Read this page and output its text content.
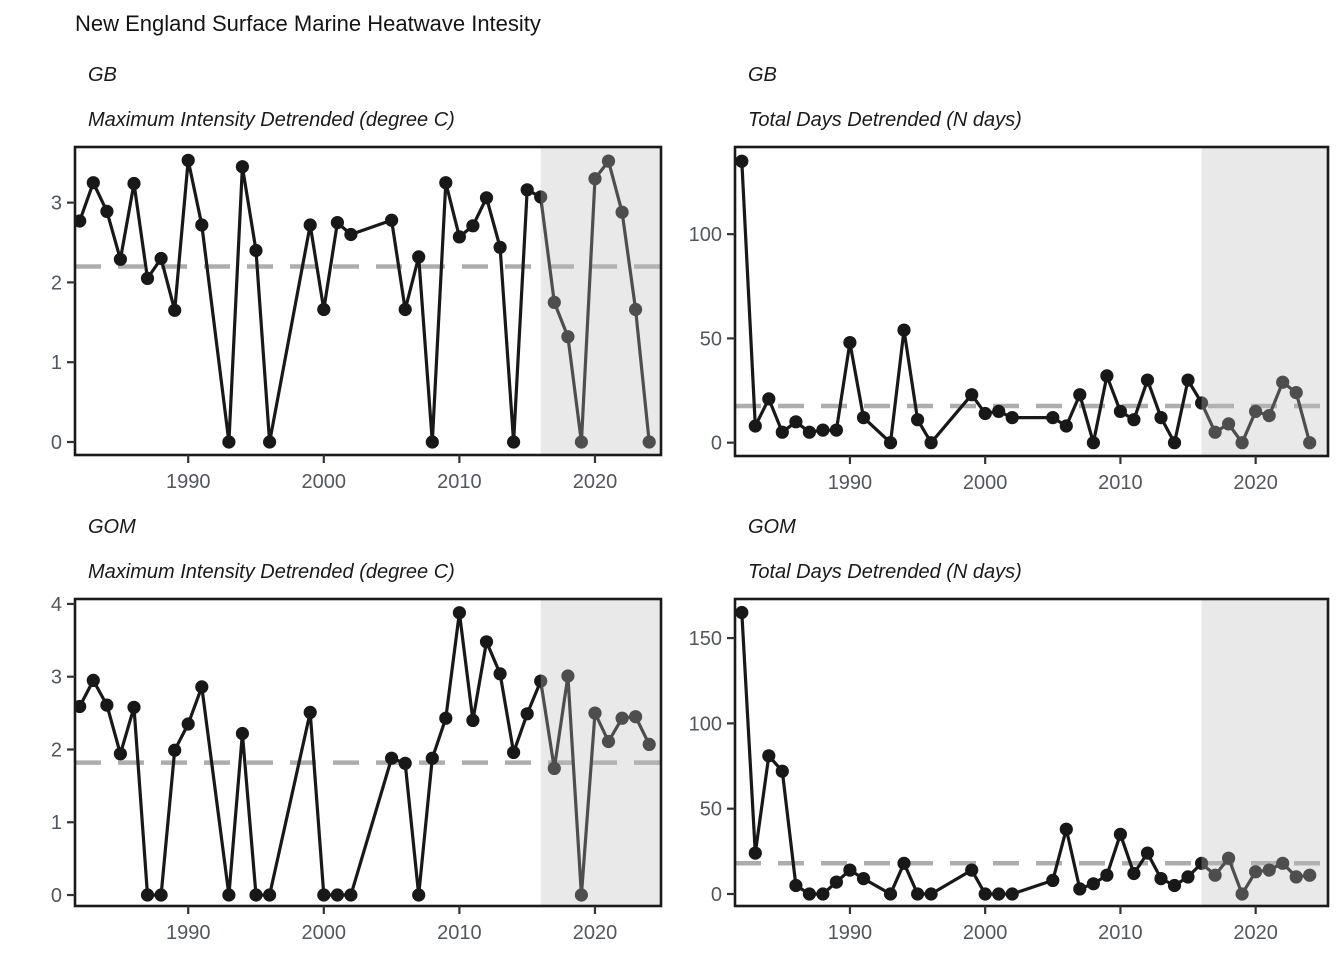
New England Surface Marine Heatwave Intesity
GB
Maximum Intensity Detrended (degree C)
GB
Total Days Detrended (N days)
GOM
Maximum Intensity Detrended (degree C)
GOM
Total Days Detrended (N days)
1990	2000	2010	2020
0
1
2
3
1990	2000	2010	2020
0
50
100
1990	2000	2010	2020
0
1
2
3
4
1990	2000	2010	2020
0
50
100
150
